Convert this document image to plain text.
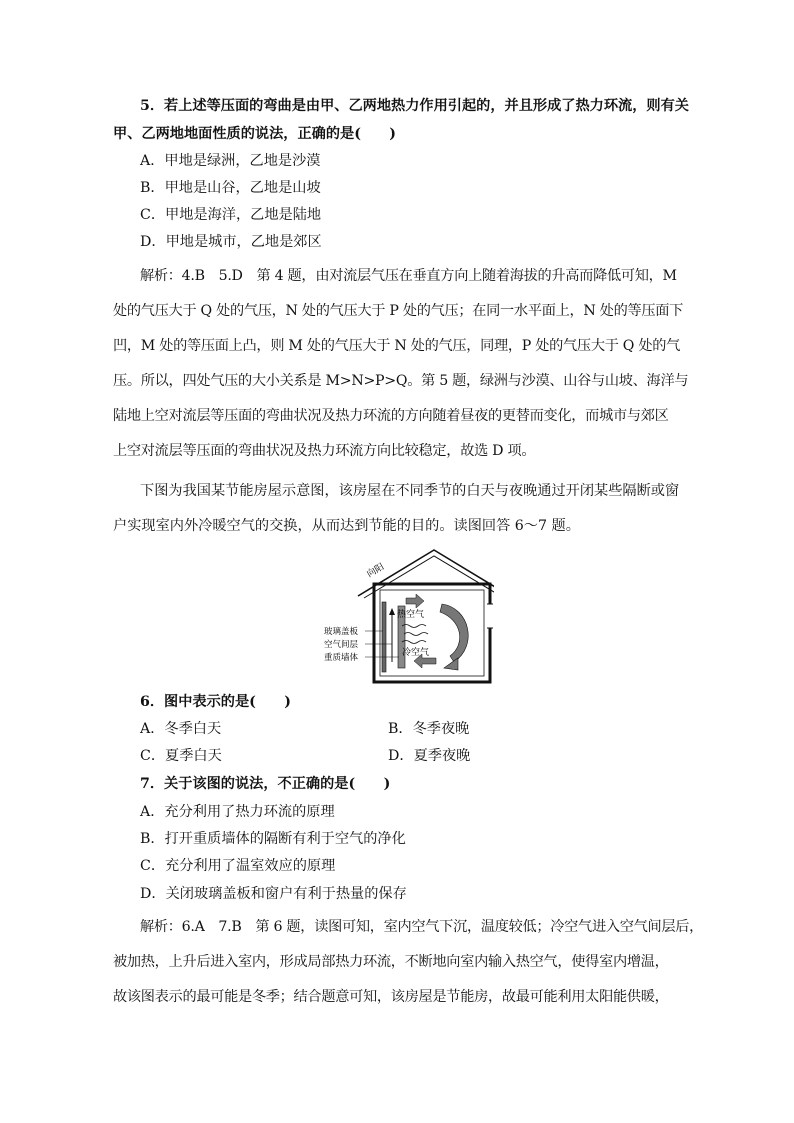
5．若上述等压面的弯曲是由甲、乙两地热力作用引起的，并且形成了热力环流，则有关
甲、乙两地地面性质的说法，正确的是(　　)
A．甲地是绿洲，乙地是沙漠
B．甲地是山谷，乙地是山坡
C．甲地是海洋，乙地是陆地
D．甲地是城市，乙地是郊区
解析：4.B　5.D　第 4 题，由对流层气压在垂直方向上随着海拔的升高而降低可知，M
处的气压大于 Q 处的气压，N 处的气压大于 P 处的气压；在同一水平面上，N 处的等压面下
凹，M 处的等压面上凸，则 M 处的气压大于 N 处的气压，同理，P 处的气压大于 Q 处的气
压。所以，四处气压的大小关系是 M>N>P>Q。第 5 题，绿洲与沙漠、山谷与山坡、海洋与
陆地上空对流层等压面的弯曲状况及热力环流的方向随着昼夜的更替而变化，而城市与郊区
上空对流层等压面的弯曲状况及热力环流方向比较稳定，故选 D 项。
下图为我国某节能房屋示意图，该房屋在不同季节的白天与夜晚通过开闭某些隔断或窗
户实现室内外冷暖空气的交换，从而达到节能的目的。读图回答 6～7 题。
向阳
热空气
冷空气
玻璃盖板
空气间层
重质墙体
6．图中表示的是(　　)
A．冬季白天	B．冬季夜晚
C．夏季白天	D．夏季夜晚
7．关于该图的说法，不正确的是(　　)
A．充分利用了热力环流的原理
B．打开重质墙体的隔断有利于空气的净化
C．充分利用了温室效应的原理
D．关闭玻璃盖板和窗户有利于热量的保存
解析：6.A　7.B　第 6 题，读图可知，室内空气下沉，温度较低；冷空气进入空气间层后，
被加热，上升后进入室内，形成局部热力环流，不断地向室内输入热空气，使得室内增温，
故该图表示的最可能是冬季；结合题意可知，该房屋是节能房，故最可能利用太阳能供暖，
